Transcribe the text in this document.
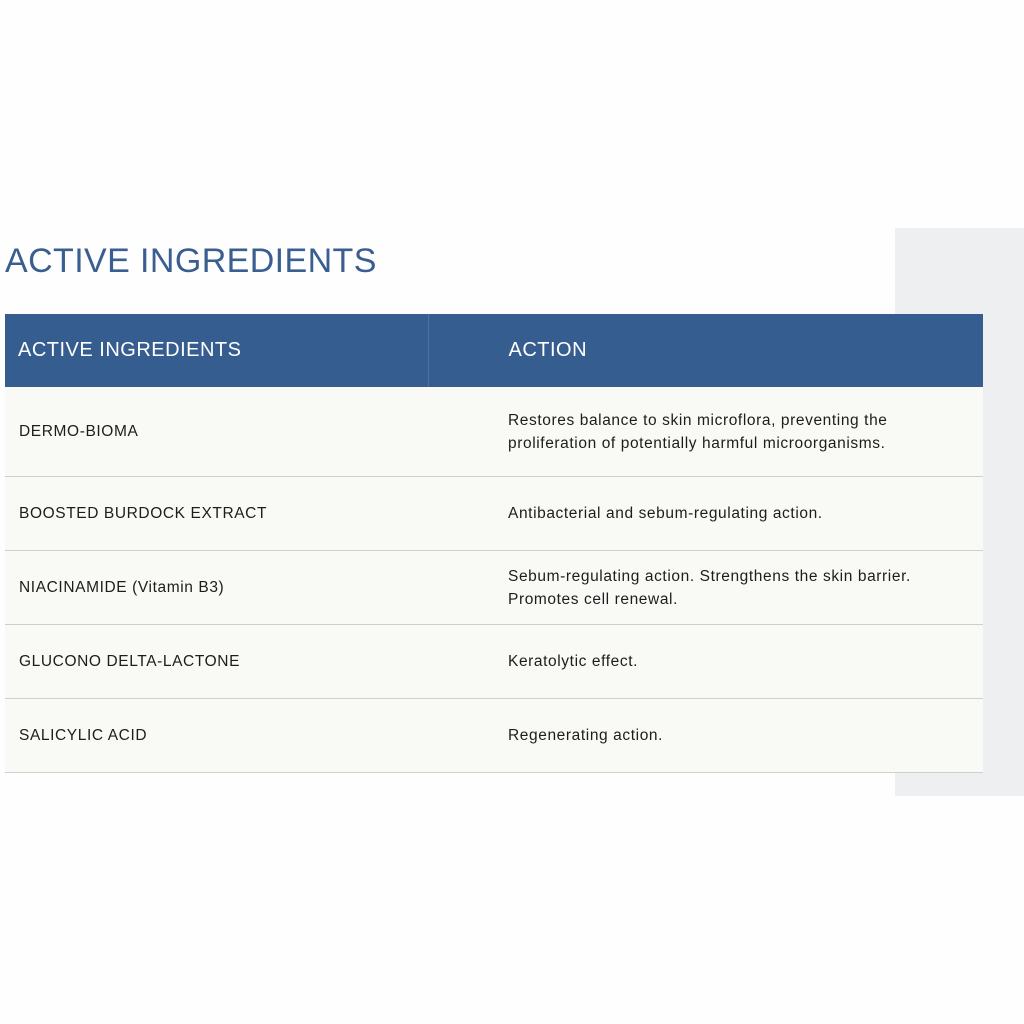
ACTIVE INGREDIENTS
ACTIVE INGREDIENTS	ACTION
DERMO-BIOMA	Restores balance to skin microflora, preventing the proliferation of potentially harmful microorganisms.
BOOSTED BURDOCK EXTRACT	Antibacterial and sebum-regulating action.
NIACINAMIDE (Vitamin B3)	Sebum-regulating action. Strengthens the skin barrier. Promotes cell renewal.
GLUCONO DELTA-LACTONE	Keratolytic effect.
SALICYLIC ACID	Regenerating action.
